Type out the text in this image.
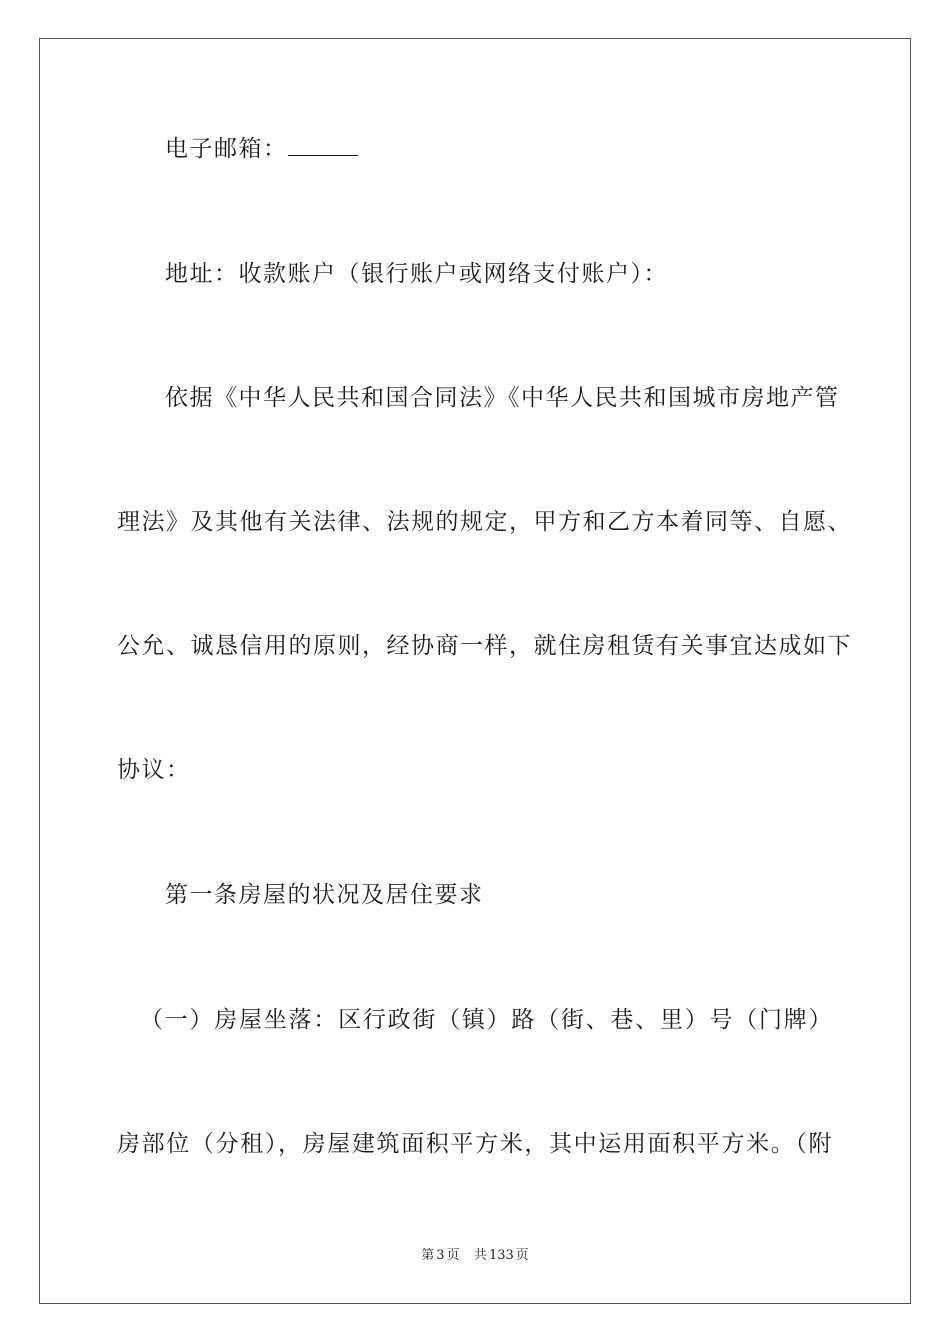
电子邮箱：
地址：收款账户（银行账户或网络支付账户）：
依据《中华人民共和国合同法》《中华人民共和国城市房地产管
理法》及其他有关法律、法规的规定，甲方和乙方本着同等、自愿、
公允、诚恳信用的原则，经协商一样，就住房租赁有关事宜达成如下
协议：
第一条房屋的状况及居住要求
（一）房屋坐落：区行政街（镇）路（街、巷、里）号（门牌）
房部位（分租），房屋建筑面积平方米，其中运用面积平方米。（附
第 3 页 共 133 页
